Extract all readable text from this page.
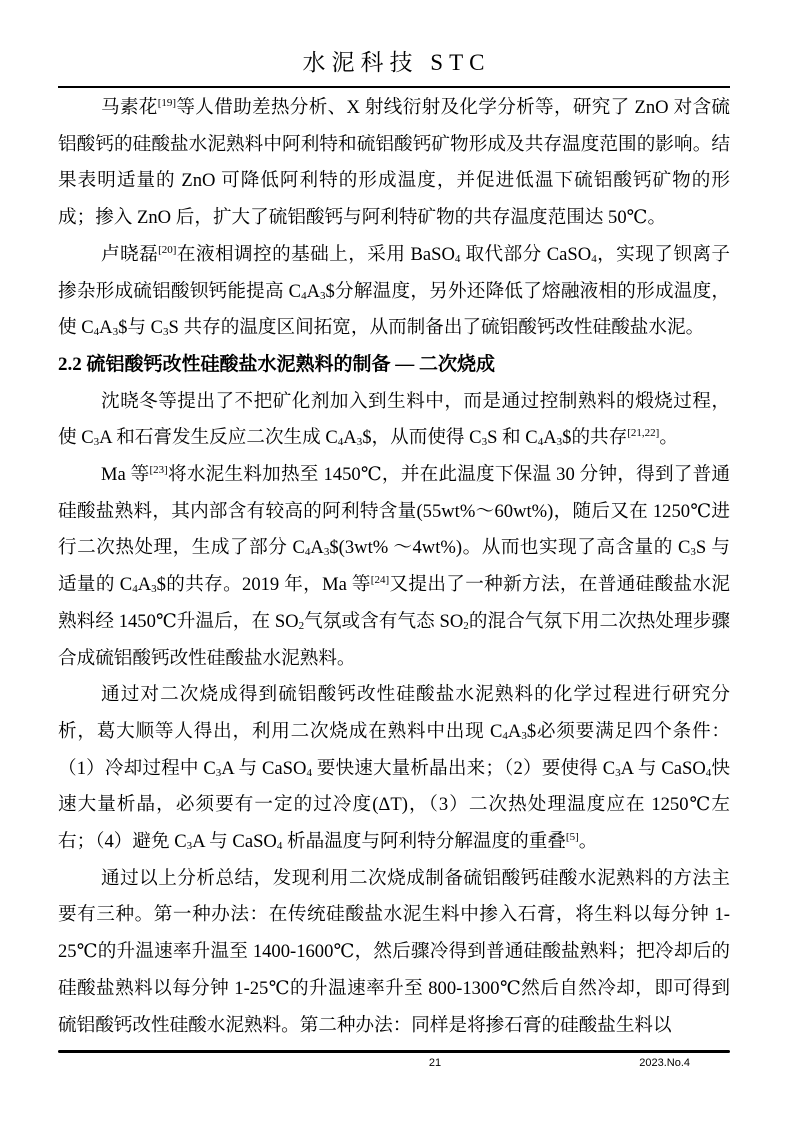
水泥科技 STC

马素花[19]等人借助差热分析、X 射线衍射及化学分析等，研究了 ZnO 对含硫铝酸钙的硅酸盐水泥熟料中阿利特和硫铝酸钙矿物形成及共存温度范围的影响。结果表明适量的 ZnO 可降低阿利特的形成温度，并促进低温下硫铝酸钙矿物的形成；掺入 ZnO 后，扩大了硫铝酸钙与阿利特矿物的共存温度范围达 50℃。

卢晓磊[20]在液相调控的基础上，采用 BaSO$_4$ 取代部分 CaSO$_4$，实现了钡离子掺杂形成硫铝酸钡钙能提高 $C_4A_3\$$分解温度，另外还降低了熔融液相的形成温度，使 $C_4A_3\$$与 $C_3S$ 共存的温度区间拓宽，从而制备出了硫铝酸钙改性硅酸盐水泥。

2.2 硫铝酸钙改性硅酸盐水泥熟料的制备 — 二次烧成

沈晓冬等提出了不把矿化剂加入到生料中，而是通过控制熟料的煅烧过程，使 $C_3A$ 和石膏发生反应二次生成 $C_4A_3\$$，从而使得 $C_3S$ 和 $C_4A_3\$$的共存[21,22]。

Ma 等[23]将水泥生料加热至 1450℃，并在此温度下保温 30 分钟，得到了普通硅酸盐熟料，其内部含有较高的阿利特含量(55wt%～60wt%)，随后又在 1250℃进行二次热处理，生成了部分 $C_4A_3\$(3wt\%$ ～4wt%)。从而也实现了高含量的 $C_3S$ 与适量的 $C_4A_3\$$的共存。2019 年，Ma 等[24]又提出了一种新方法，在普通硅酸盐水泥熟料经 1450℃升温后，在 $SO_2$气氛或含有气态 $SO_2$的混合气氛下用二次热处理步骤合成硫铝酸钙改性硅酸盐水泥熟料。

通过对二次烧成得到硫铝酸钙改性硅酸盐水泥熟料的化学过程进行研究分析，葛大顺等人得出，利用二次烧成在熟料中出现 $C_4A_3\$$必须要满足四个条件：（1）冷却过程中 $C_3A$ 与 CaSO$_4$ 要快速大量析晶出来；（2）要使得 $C_3A$ 与 CaSO$_4$快速大量析晶，必须要有一定的过冷度(ΔT)，（3）二次热处理温度应在 1250℃左右；（4）避免 $C_3A$ 与 CaSO$_4$ 析晶温度与阿利特分解温度的重叠[5]。

通过以上分析总结，发现利用二次烧成制备硫铝酸钙硅酸水泥熟料的方法主要有三种。第一种办法：在传统硅酸盐水泥生料中掺入石膏，将生料以每分钟 1-25℃的升温速率升温至 1400-1600℃，然后骤冷得到普通硅酸盐熟料；把冷却后的硅酸盐熟料以每分钟 1-25℃的升温速率升至 800-1300℃然后自然冷却，即可得到硫铝酸钙改性硅酸水泥熟料。第二种办法：同样是将掺石膏的硅酸盐生料以

21	2023.No.4
